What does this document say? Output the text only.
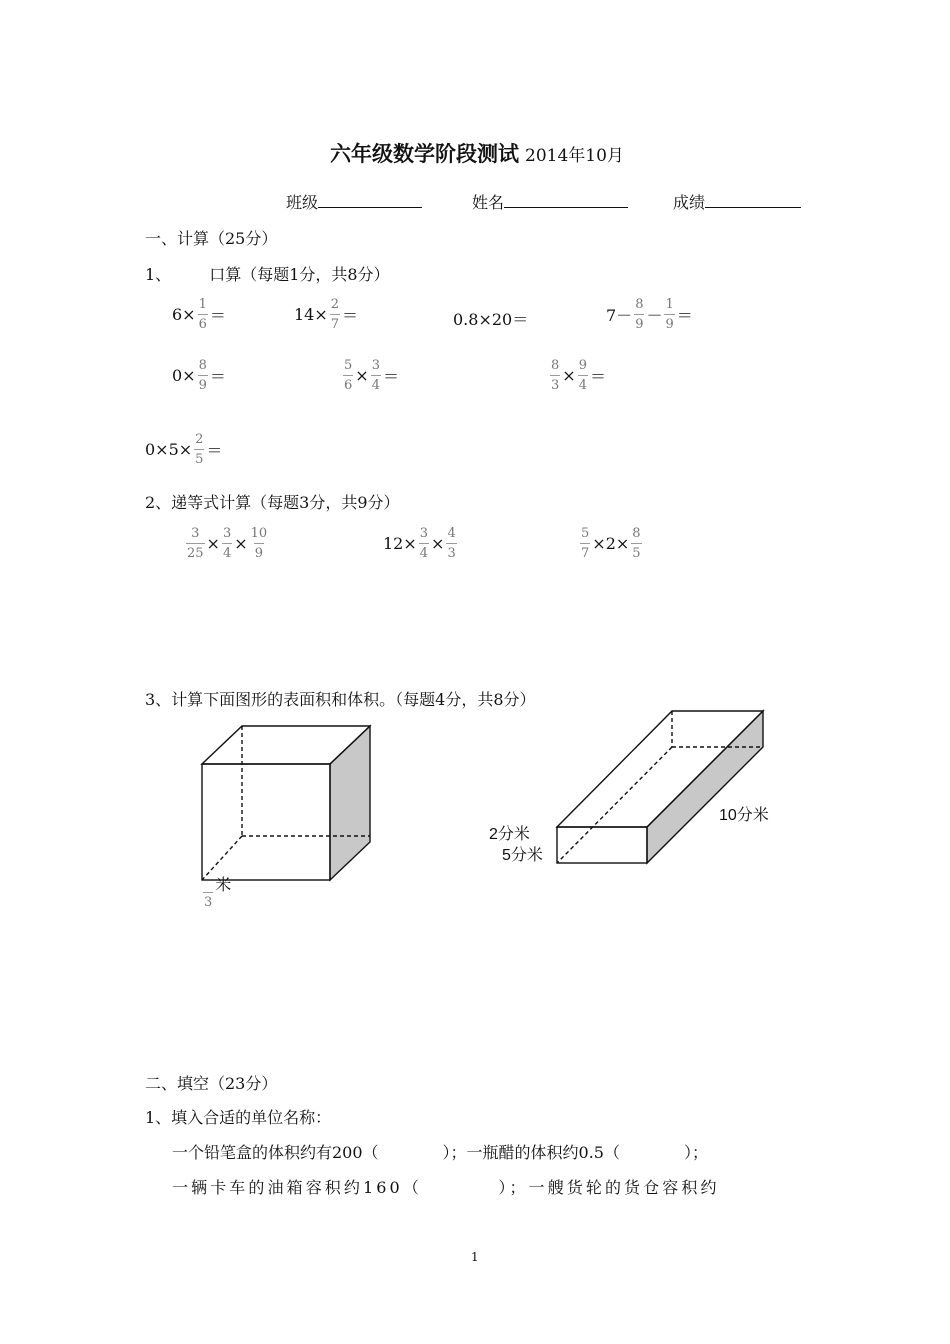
六年级数学阶段测试 2014年10月
班级	姓名	成绩
一、计算（25分）
1、 口算（每题1分，共8分）
$6\times \frac{1}{6}$ ＝	$14\times \frac{2}{7}$ ＝	0.8×20＝	$7- \frac{8}{9} - \frac{1}{9}$ ＝
$0\times \frac{8}{9}$ ＝	$\frac{5}{6} \times \frac{3}{4}$ ＝	$\frac{8}{3} \times \frac{9}{4}$ ＝
$0\times 5\times \frac{2}{5}$ ＝
2、递等式计算（每题3分，共9分）
$\frac{3}{25} \times \frac{3}{4} \times \frac{10}{9}$	$12\times \frac{3}{4} \times \frac{4}{3}$	$\frac{5}{7} \times 2\times \frac{8}{5}$
3、计算下面图形的表面积和体积。（每题4分，共8分）
3
米
2分米
5分米
10分米
二、填空（23分）
1、填入合适的单位名称：
一个铅笔盒的体积约有200（　　　　）；一瓶醋的体积约0.5（　　　　）；
一辆卡车的油箱容积约160（　　　　）；一艘货轮的货仓容积约
1
